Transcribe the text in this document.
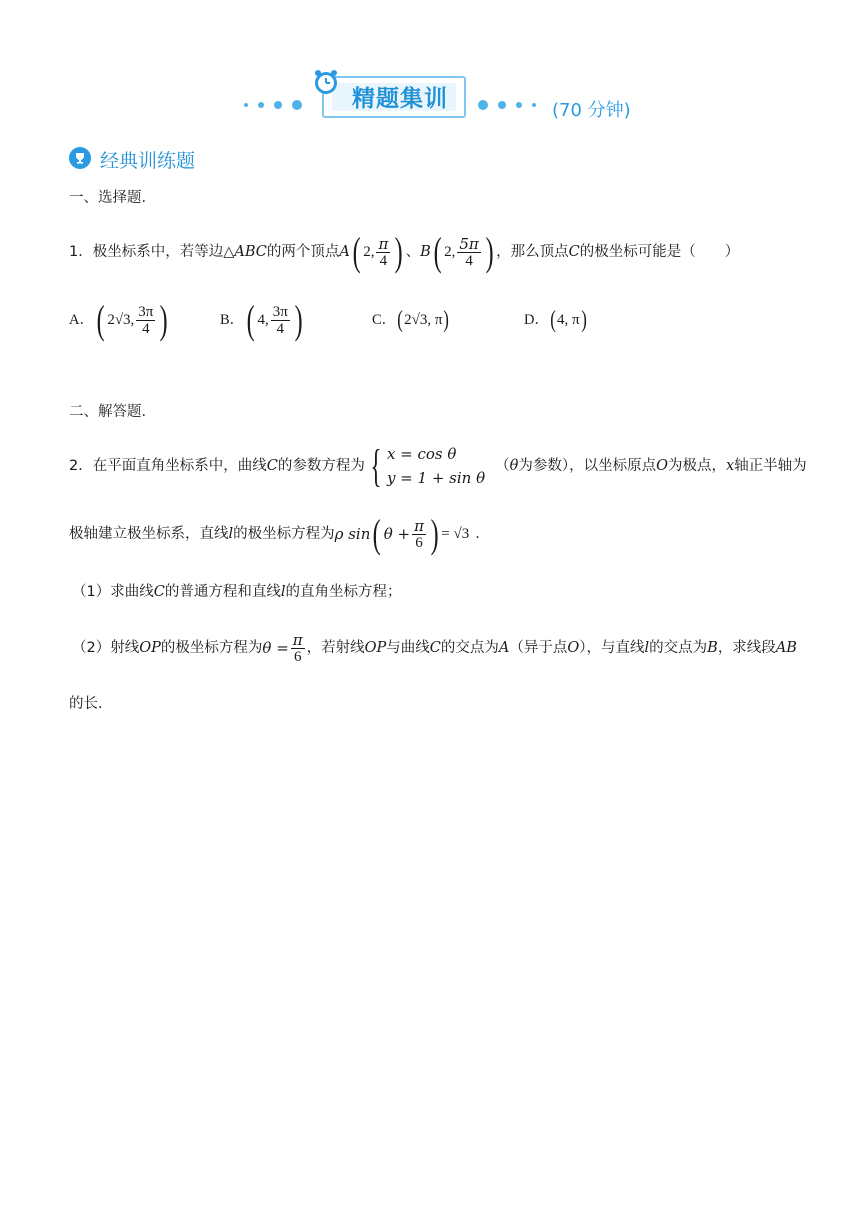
精题集训	(70 分钟)
经典训练题
一、选择题．
1． 极坐标系中，若等边△ ABC 的两个顶点 A ( 2, $\frac{\pi}{4}$ ) 、 B ( 2, $\frac{5\pi}{4}$ ) ，那么顶点 C 的极坐标可能是（　　）
A． ( 2√3, $\frac{3\pi}{4}$ )	B． ( 4, $\frac{3\pi}{4}$ )	C． ( 2√3, π )	D． ( 4, π )
二、解答题．
2． 在平面直角坐标系中，曲线 C 的参数方程为 { x = cos θ
y = 1 + sin θ
（ θ 为参数），以坐标原点 O 为极点， x 轴正半轴为
极轴建立极坐标系，直线 l 的极坐标方程为 ρ sin ( $\theta + \frac{\pi}{6}$ ) = √3 ．
（1）求曲线 C 的普通方程和直线 l 的直角坐标方程；
（2）射线 OP 的极坐标方程为 $\theta = \frac{\pi}{6}$ ，若射线 OP 与曲线 C 的交点为 A （异于点 O ），与直线 l 的交点为 B ，求线段 AB
的长．
